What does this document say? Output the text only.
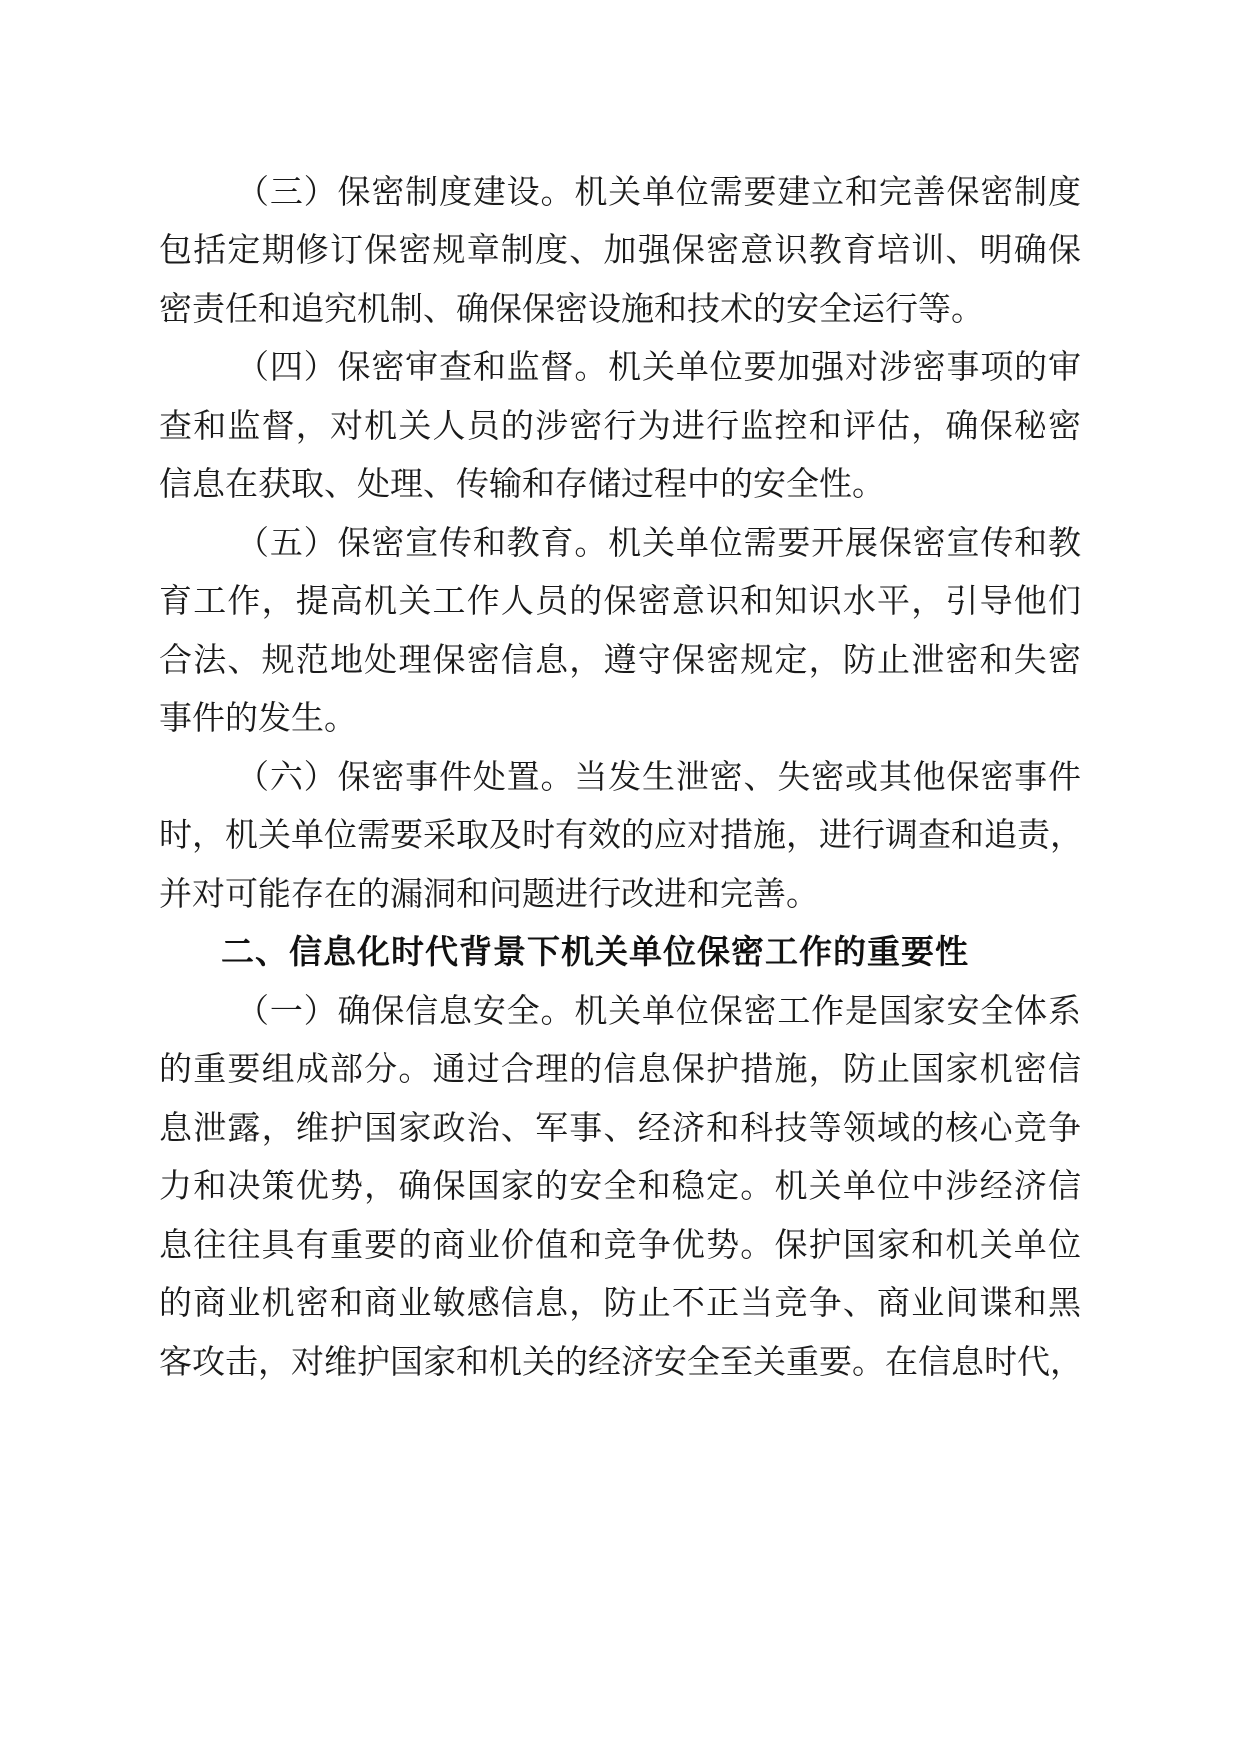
（三）保密制度建设。机关单位需要建立和完善保密制度
包括定期修订保密规章制度、加强保密意识教育培训、明确保
密责任和追究机制、确保保密设施和技术的安全运行等。
（四）保密审查和监督。机关单位要加强对涉密事项的审
查和监督，对机关人员的涉密行为进行监控和评估，确保秘密
信息在获取、处理、传输和存储过程中的安全性。
（五）保密宣传和教育。机关单位需要开展保密宣传和教
育工作，提高机关工作人员的保密意识和知识水平，引导他们
合法、规范地处理保密信息，遵守保密规定，防止泄密和失密
事件的发生。
（六）保密事件处置。当发生泄密、失密或其他保密事件
时，机关单位需要采取及时有效的应对措施，进行调查和追责，
并对可能存在的漏洞和问题进行改进和完善。
二、信息化时代背景下机关单位保密工作的重要性
（一）确保信息安全。机关单位保密工作是国家安全体系
的重要组成部分。通过合理的信息保护措施，防止国家机密信
息泄露，维护国家政治、军事、经济和科技等领域的核心竞争
力和决策优势，确保国家的安全和稳定。机关单位中涉经济信
息往往具有重要的商业价值和竞争优势。保护国家和机关单位
的商业机密和商业敏感信息，防止不正当竞争、商业间谍和黑
客攻击，对维护国家和机关的经济安全至关重要。在信息时代，
